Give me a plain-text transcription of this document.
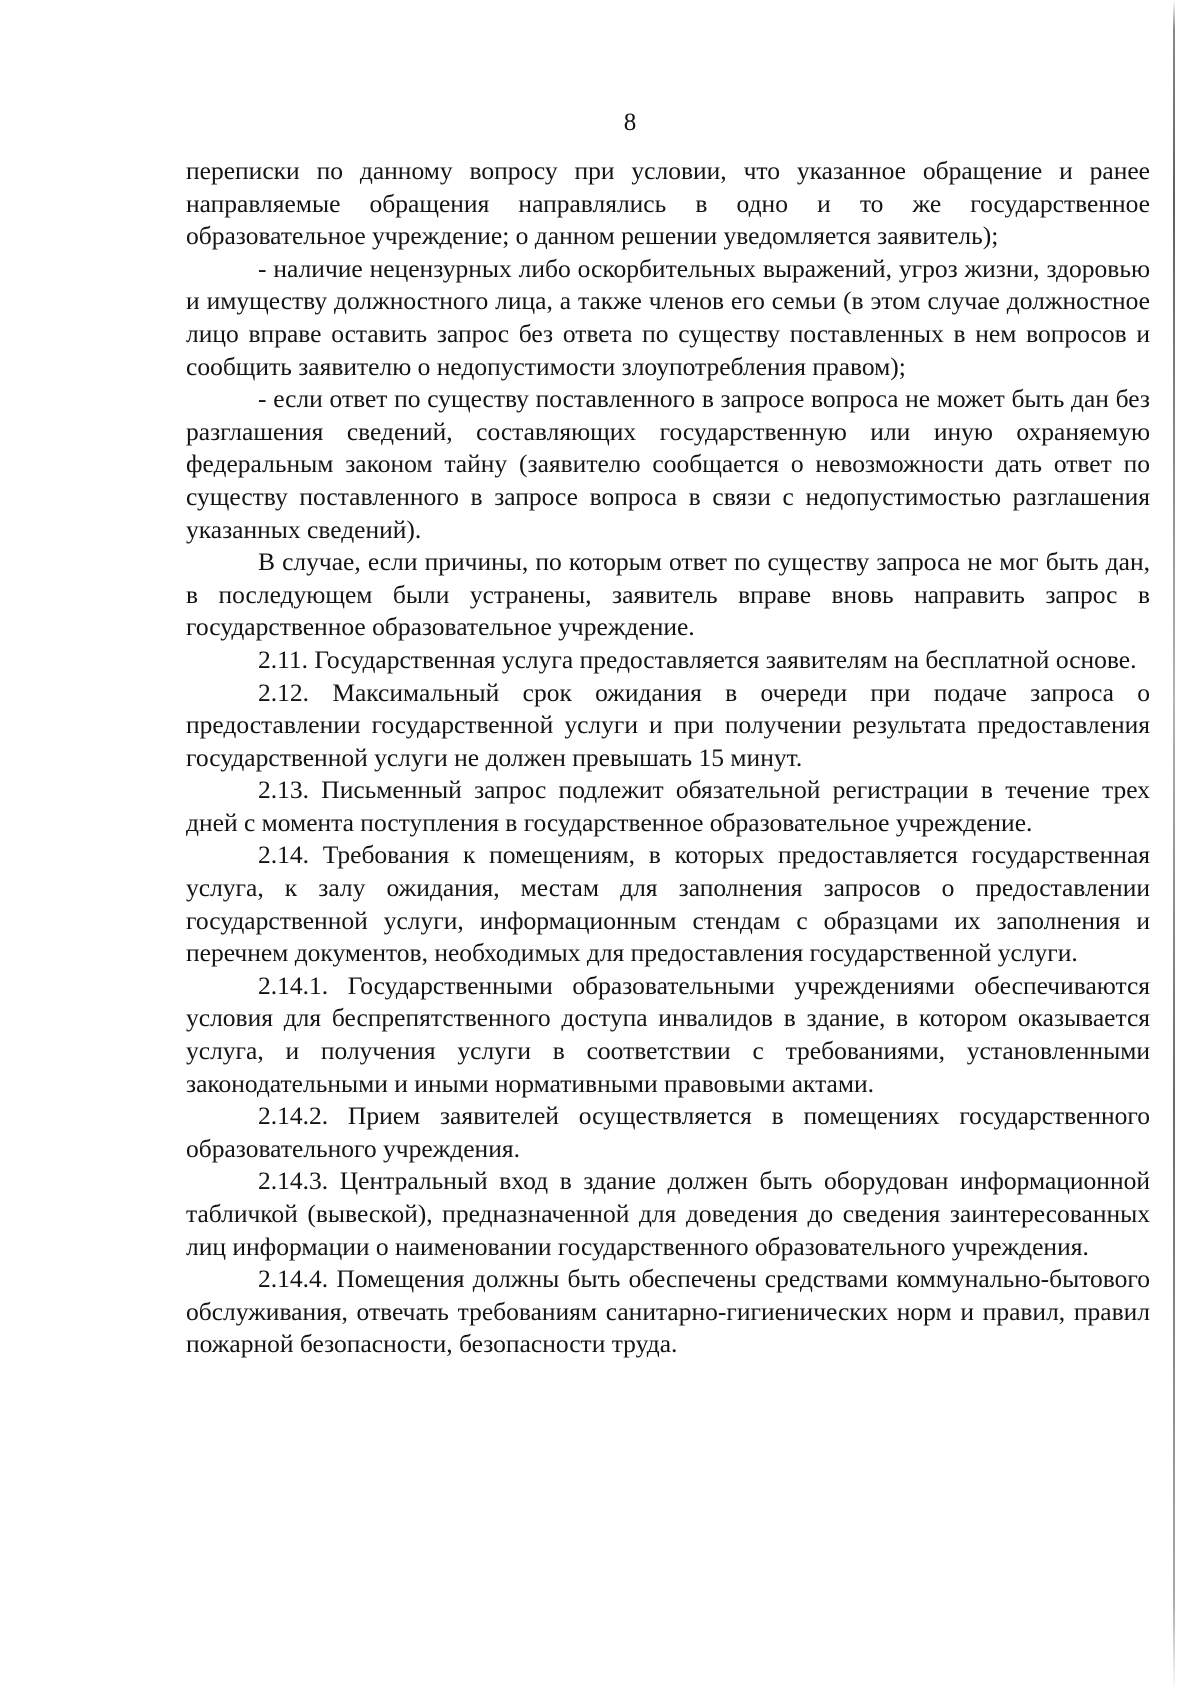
8

переписки по данному вопросу при условии, что указанное обращение и ранее направляемые обращения направлялись в одно и то же государственное образовательное учреждение; о данном решении уведомляется заявитель);

- наличие нецензурных либо оскорбительных выражений, угроз жизни, здоровью и имуществу должностного лица, а также членов его семьи (в этом случае должностное лицо вправе оставить запрос без ответа по существу поставленных в нем вопросов и сообщить заявителю о недопустимости злоупотребления правом);

- если ответ по существу поставленного в запросе вопроса не может быть дан без разглашения сведений, составляющих государственную или иную охраняемую федеральным законом тайну (заявителю сообщается о невозможности дать ответ по существу поставленного в запросе вопроса в связи с недопустимостью разглашения указанных сведений).

В случае, если причины, по которым ответ по существу запроса не мог быть дан, в последующем были устранены, заявитель вправе вновь направить запрос в государственное образовательное учреждение.

2.11. Государственная услуга предоставляется заявителям на бесплатной основе.

2.12. Максимальный срок ожидания в очереди при подаче запроса о предоставлении государственной услуги и при получении результата предоставления государственной услуги не должен превышать 15 минут.

2.13. Письменный запрос подлежит обязательной регистрации в течение трех дней с момента поступления в государственное образовательное учреждение.

2.14. Требования к помещениям, в которых предоставляется государственная услуга, к залу ожидания, местам для заполнения запросов о предоставлении государственной услуги, информационным стендам с образцами их заполнения и перечнем документов, необходимых для предоставления государственной услуги.

2.14.1. Государственными образовательными учреждениями обеспечиваются условия для беспрепятственного доступа инвалидов в здание, в котором оказывается услуга, и получения услуги в соответствии с требованиями, установленными законодательными и иными нормативными правовыми актами.

2.14.2. Прием заявителей осуществляется в помещениях государственного образовательного учреждения.

2.14.3. Центральный вход в здание должен быть оборудован информационной табличкой (вывеской), предназначенной для доведения до сведения заинтересованных лиц информации о наименовании государственного образовательного учреждения.

2.14.4. Помещения должны быть обеспечены средствами коммунально-бытового обслуживания, отвечать требованиям санитарно-гигиенических норм и правил, правил пожарной безопасности, безопасности труда.
